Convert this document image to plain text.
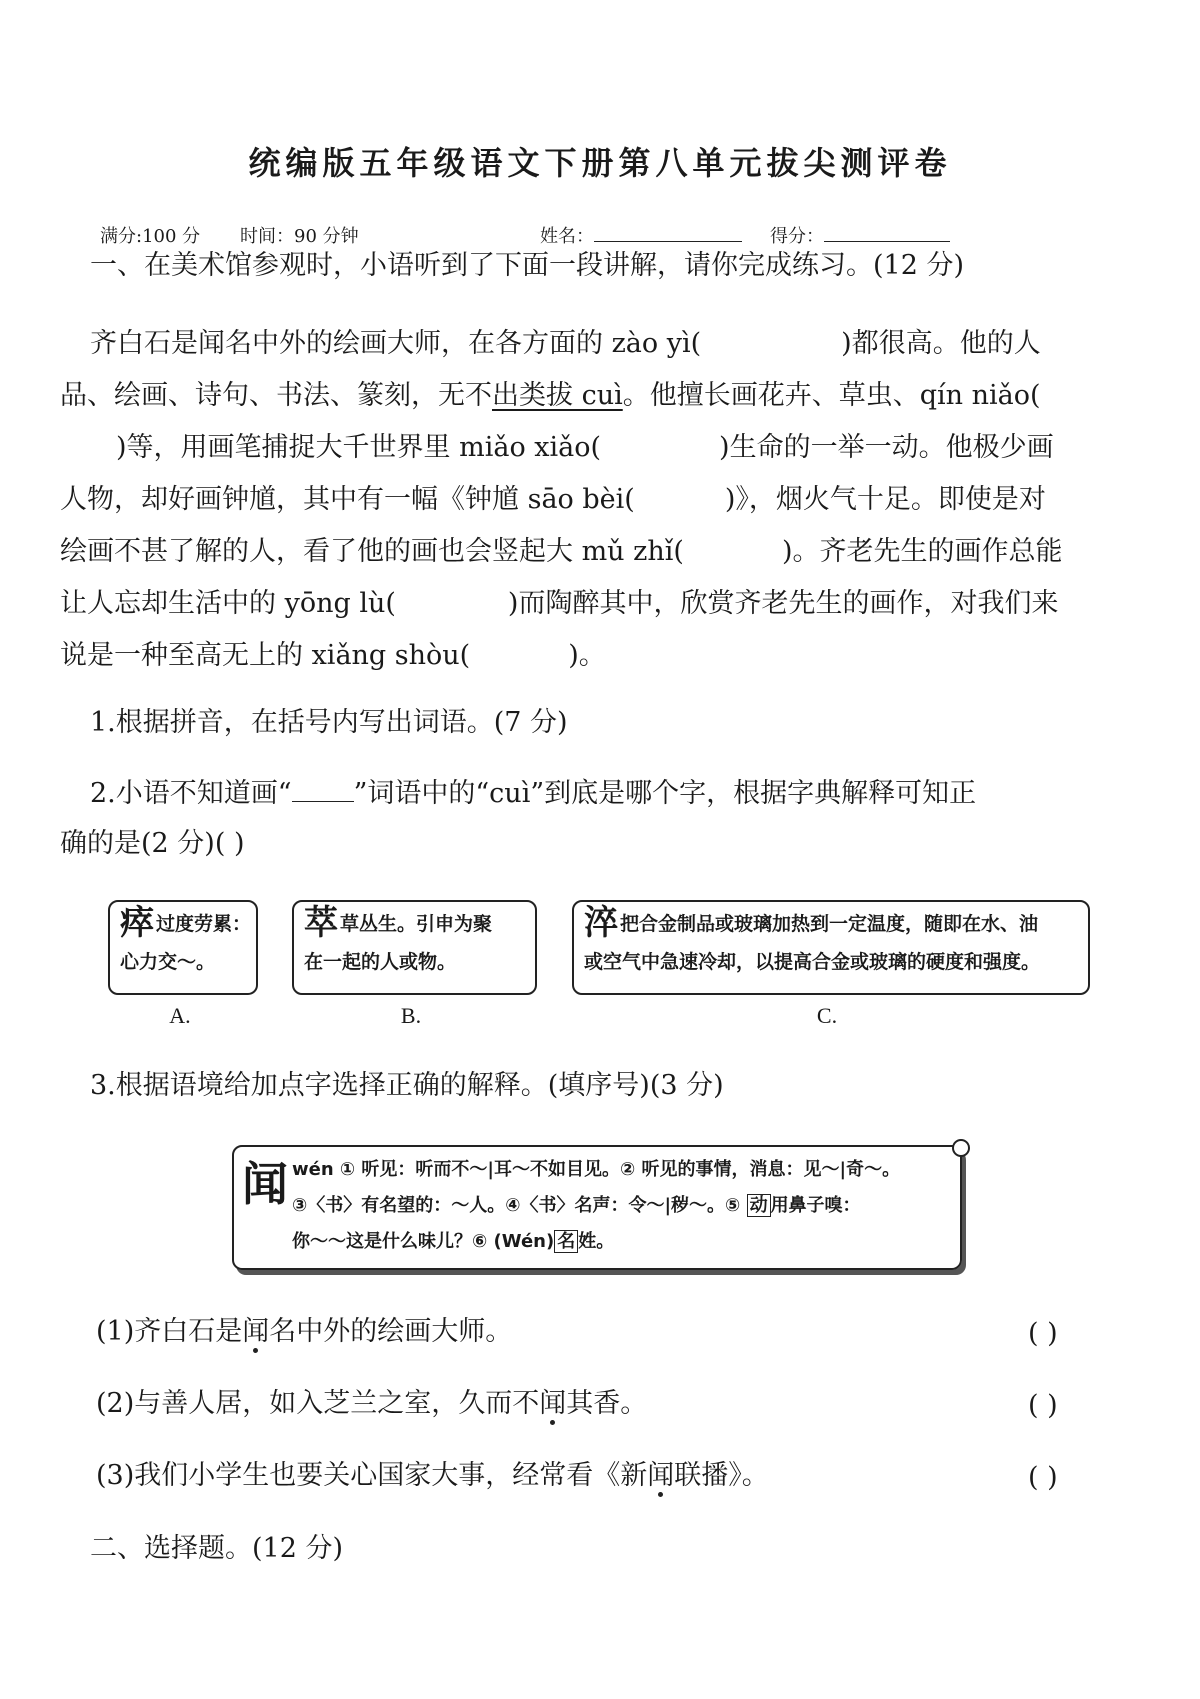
统编版五年级语文下册第八单元拔尖测评卷
满分:100 分 时间：90 分钟	姓名：	得分：
一、在美术馆参观时，小语听到了下面一段讲解，请你完成练习。(12 分)

齐白石是闻名中外的绘画大师，在各方面的 zào yì(	)都很高。他的人

品、绘画、诗句、书法、篆刻，无不出类拔 cuì。他擅长画花卉、草虫、qín niǎo(

)等，用画笔捕捉大千世界里 miǎo xiǎo(	)生命的一举一动。他极少画

人物，却好画钟馗，其中有一幅《钟馗 sāo bèi(	)》，烟火气十足。即使是对

绘画不甚了解的人，看了他的画也会竖起大 mǔ zhǐ(	)。齐老先生的画作总能

让人忘却生活中的 yōng lù(	)而陶醉其中，欣赏齐老先生的画作，对我们来

说是一种至高无上的 xiǎng shòu(	)。

1.根据拼音，在括号内写出词语。(7 分)
2.小语不知道画“ ”词语中的“cuì”到底是哪个字，根据字典解释可知正
确的是(2 分)( )
瘁过度劳累：
心力交～。
A.
萃草丛生。引申为聚
在一起的人或物。
B.
淬把合金制品或玻璃加热到一定温度，随即在水、油
或空气中急速冷却，以提高合金或玻璃的硬度和强度。
C.
3.根据语境给加点字选择正确的解释。(填序号)(3 分)
闻 wén ① 听见：听而不～|耳～不如目见。② 听见的事情，消息：见～|奇～。
③〈书〉有名望的：～人。④〈书〉名声：令～|秽～。⑤ 动 用鼻子嗅：
你～～这是什么味儿？⑥ (Wén) 名 姓。
(1)齐白石是闻名中外的绘画大师。	( )
(2)与善人居，如入芝兰之室，久而不闻其香。	( )
(3)我们小学生也要关心国家大事，经常看《新闻联播》。	( )
二、选择题。(12 分)
